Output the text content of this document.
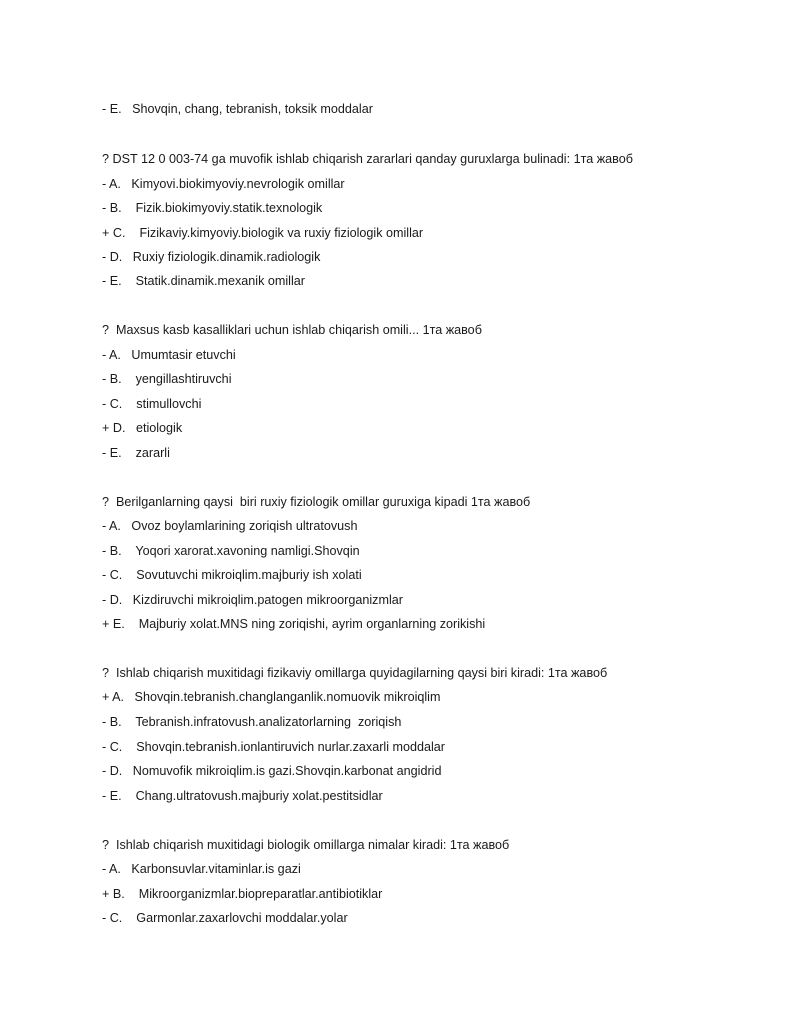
- E.   Shovqin, chang, tebranish, toksik moddalar
? DST 12 0 003-74 ga muvofik ishlab chiqarish zararlari qanday guruxlarga bulinadi: 1та жавоб
- A.   Kimyovi.biokimyoviy.nevrologik omillar
- B.    Fizik.biokimyoviy.statik.texnologik
+ C.    Fizikaviy.kimyoviy.biologik va ruxiy fiziologik omillar
- D.   Ruxiy fiziologik.dinamik.radiologik
- E.    Statik.dinamik.mexanik omillar
?  Maxsus kasb kasalliklari uchun ishlab chiqarish omili... 1та жавоб
- A.   Umumtasir etuvchi
- B.    yengillashtiruvchi
- C.    stimullovchi
+ D.   etiologik
- E.    zararli
?  Berilganlarning qaysi  biri ruxiy fiziologik omillar guruxiga kipadi 1та жавоб
- A.   Ovoz boylamlarining zoriqish ultratovush
- B.    Yoqori xarorat.xavoning namligi.Shovqin
- C.    Sovutuvchi mikroiqlim.majburiy ish xolati
- D.   Kizdiruvchi mikroiqlim.patogen mikroorganizmlar
+ E.    Majburiy xolat.MNS ning zoriqishi, ayrim organlarning zorikishi
?  Ishlab chiqarish muxitidagi fizikaviy omillarga quyidagilarning qaysi biri kiradi: 1та жавоб
+ A.   Shovqin.tebranish.changlanganlik.nomuovik mikroiqlim
- B.    Tebranish.infratovush.analizatorlarning  zoriqish
- C.    Shovqin.tebranish.ionlantiruvich nurlar.zaxarli moddalar
- D.   Nomuvofik mikroiqlim.is gazi.Shovqin.karbonat angidrid
- E.    Chang.ultratovush.majburiy xolat.pestitsidlar
?  Ishlab chiqarish muxitidagi biologik omillarga nimalar kiradi: 1та жавоб
- A.   Karbonsuvlar.vitaminlar.is gazi
+ B.    Mikroorganizmlar.biopreparatlar.antibiotiklar
- C.    Garmonlar.zaxarlovchi moddalar.yolar
